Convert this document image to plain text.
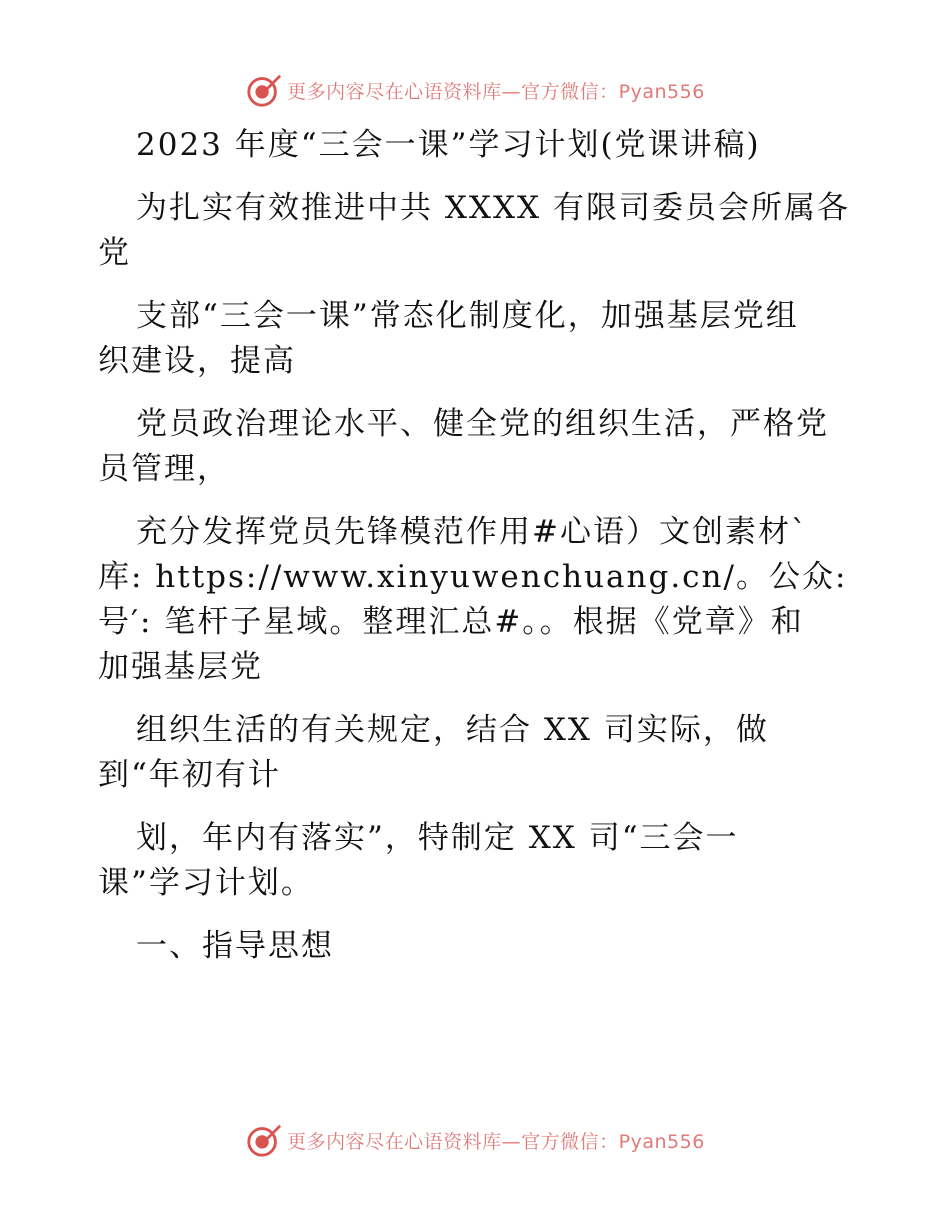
更多内容尽在心语资料库—官方微信：Pyan556
2023 年度“三会一课”学习计划(党课讲稿)
为扎实有效推进中共 XXXX 有限司委员会所属各
党
支部“三会一课”常态化制度化，加强基层党组
织建设，提高
党员政治理论水平、健全党的组织生活，严格党
员管理，
充分发挥党员先锋模范作用#心语）文创素材`
库: https://www.xinyuwenchuang.cn/。公众:
号′: 笔杆子星域。整理汇总#。。根据《党章》和
加强基层党
组织生活的有关规定，结合 XX 司实际，做
到“年初有计
划，年内有落实”，特制定 XX 司“三会一
课”学习计划。
一、指导思想
更多内容尽在心语资料库—官方微信：Pyan556
